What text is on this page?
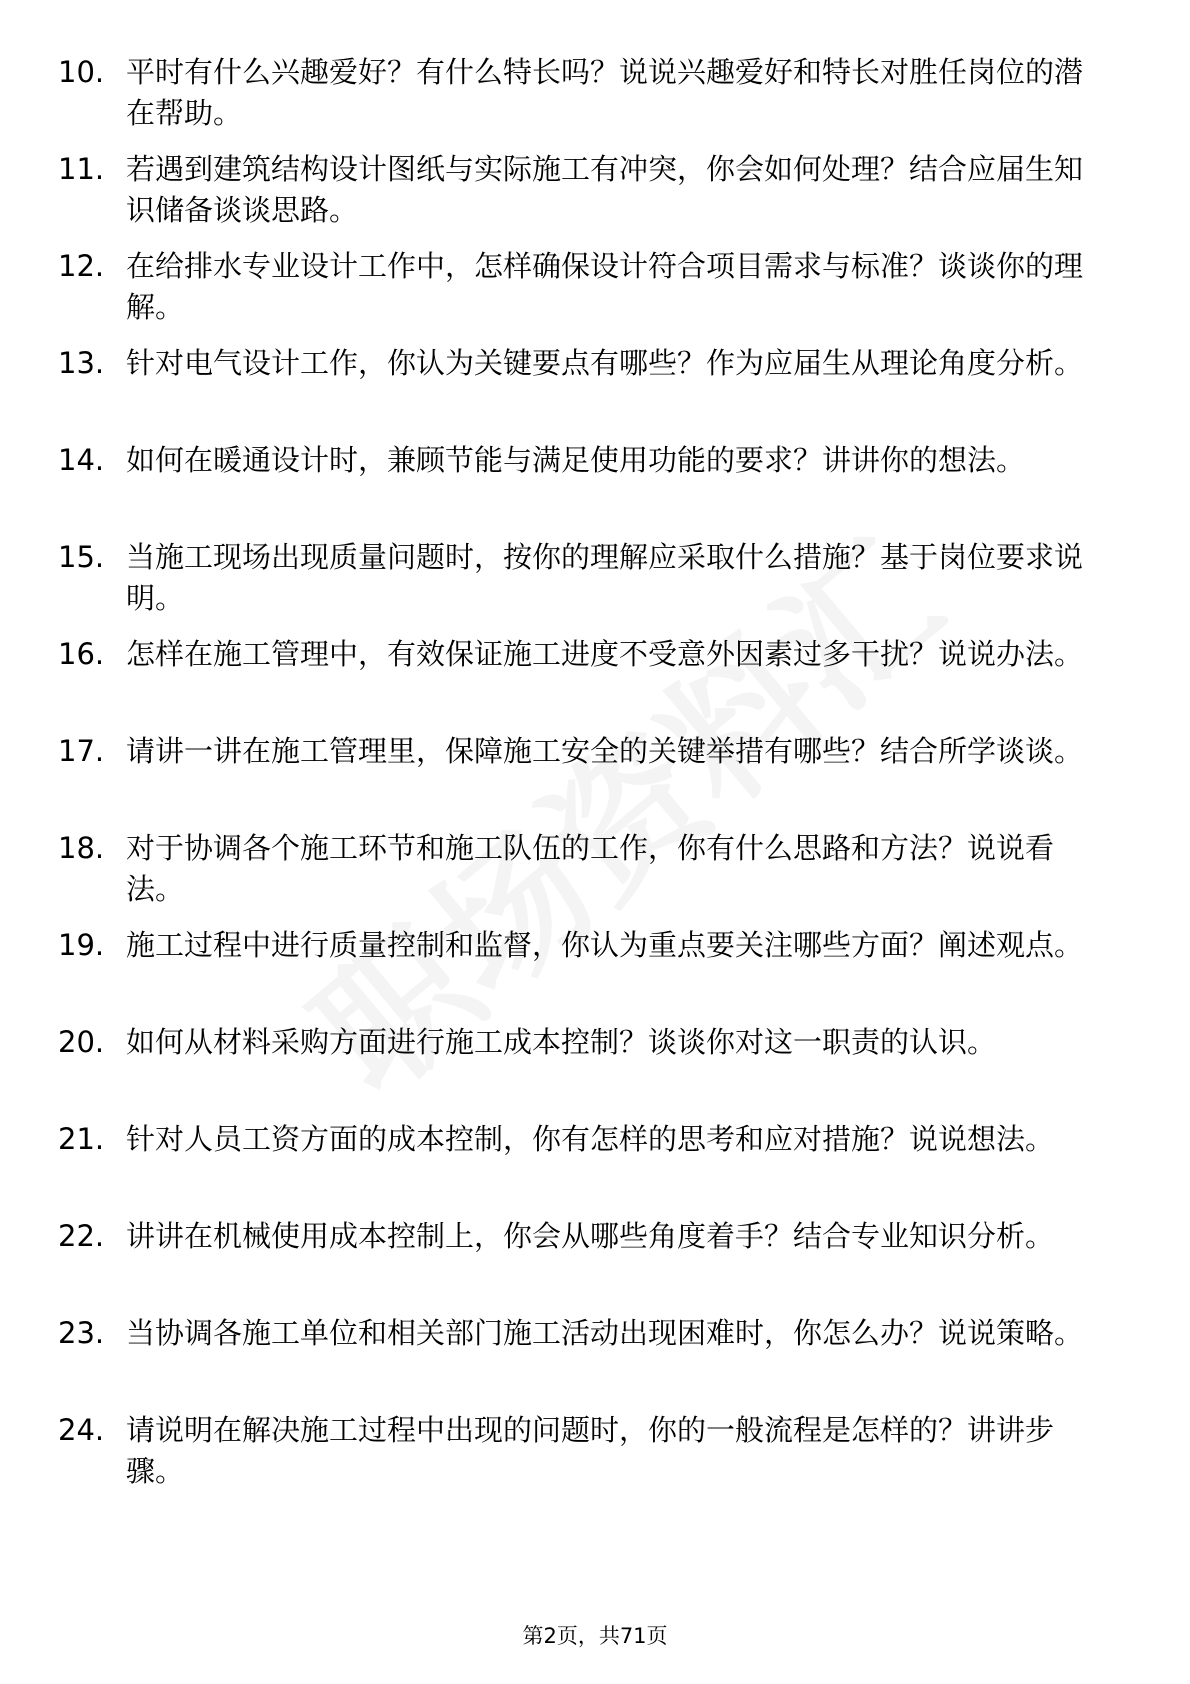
10. 平时有什么兴趣爱好？有什么特长吗？说说兴趣爱好和特长对胜任岗位的潜在帮助。
11. 若遇到建筑结构设计图纸与实际施工有冲突，你会如何处理？结合应届生知识储备谈谈思路。
12. 在给排水专业设计工作中，怎样确保设计符合项目需求与标准？谈谈你的理解。
13. 针对电气设计工作，你认为关键要点有哪些？作为应届生从理论角度分析。
14. 如何在暖通设计时，兼顾节能与满足使用功能的要求？讲讲你的想法。
15. 当施工现场出现质量问题时，按你的理解应采取什么措施？基于岗位要求说明。
16. 怎样在施工管理中，有效保证施工进度不受意外因素过多干扰？说说办法。
17. 请讲一讲在施工管理里，保障施工安全的关键举措有哪些？结合所学谈谈。
18. 对于协调各个施工环节和施工队伍的工作，你有什么思路和方法？说说看法。
19. 施工过程中进行质量控制和监督，你认为重点要关注哪些方面？阐述观点。
20. 如何从材料采购方面进行施工成本控制？谈谈你对这一职责的认识。
21. 针对人员工资方面的成本控制，你有怎样的思考和应对措施？说说想法。
22. 讲讲在机械使用成本控制上，你会从哪些角度着手？结合专业知识分析。
23. 当协调各施工单位和相关部门施工活动出现困难时，你怎么办？说说策略。
24. 请说明在解决施工过程中出现的问题时，你的一般流程是怎样的？讲讲步骤。
第2页，共71页
